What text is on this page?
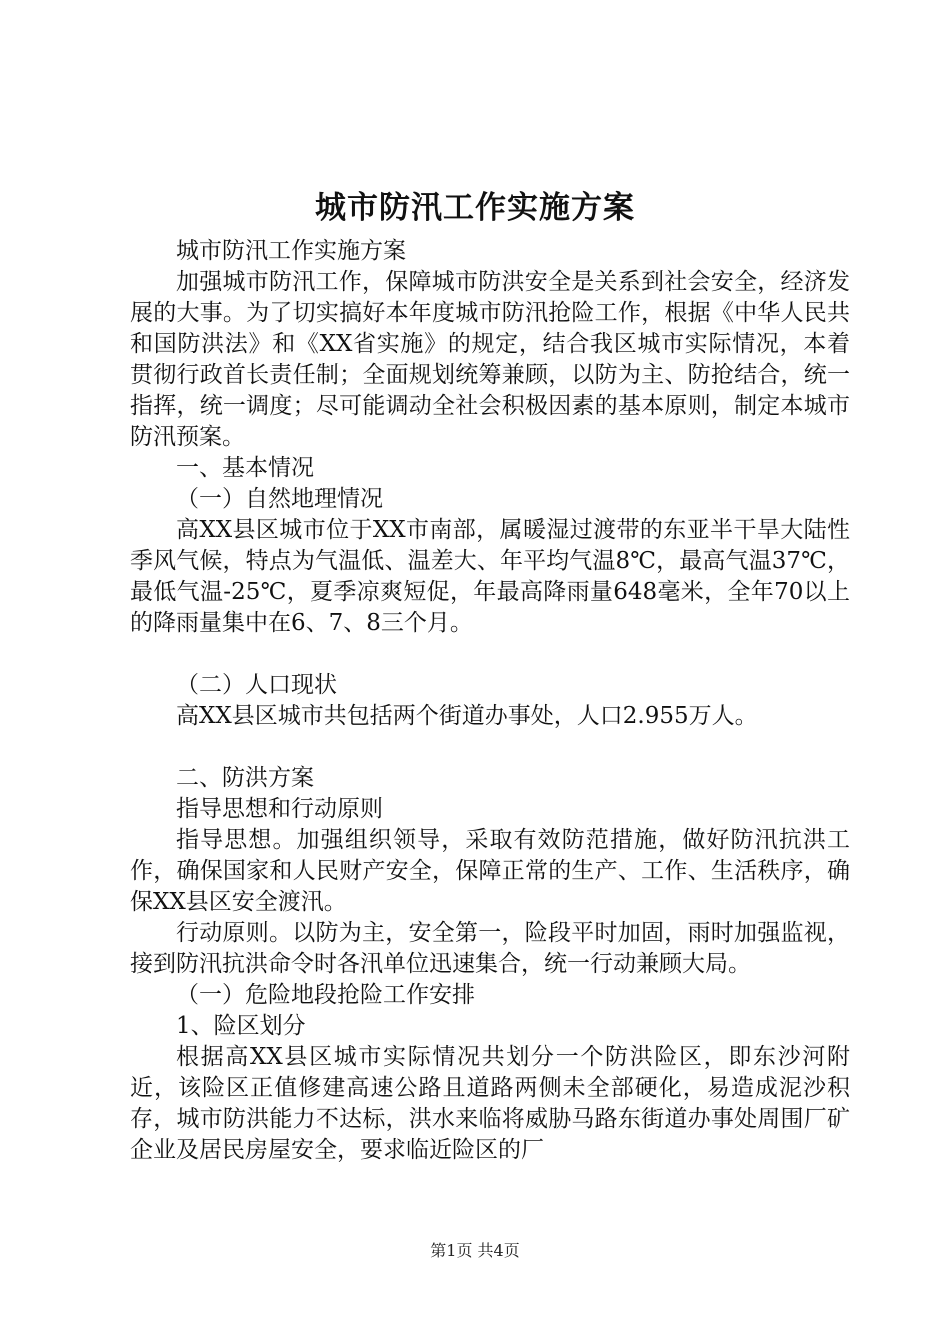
城市防汛工作实施方案

城市防汛工作实施方案

加强城市防汛工作，保障城市防洪安全是关系到社会安全，经济发展的大事。为了切实搞好本年度城市防汛抢险工作，根据《中华人民共和国防洪法》和《XX省实施》的规定，结合我区城市实际情况，本着贯彻行政首长责任制；全面规划统筹兼顾，以防为主、防抢结合，统一指挥，统一调度；尽可能调动全社会积极因素的基本原则，制定本城市防汛预案。

一、基本情况

（一）自然地理情况

高XX县区城市位于XX市南部，属暖湿过渡带的东亚半干旱大陆性季风气候，特点为气温低、温差大、年平均气温8℃，最高气温37℃，最低气温-25℃，夏季凉爽短促，年最高降雨量648毫米，全年70以上的降雨量集中在6、7、8三个月。

（二）人口现状

高XX县区城市共包括两个街道办事处，人口2.955万人。

二、防洪方案

指导思想和行动原则

指导思想。加强组织领导，采取有效防范措施，做好防汛抗洪工作，确保国家和人民财产安全，保障正常的生产、工作、生活秩序，确保XX县区安全渡汛。

行动原则。以防为主，安全第一，险段平时加固，雨时加强监视，接到防汛抗洪命令时各汛单位迅速集合，统一行动兼顾大局。

（一）危险地段抢险工作安排

1、险区划分

根据高XX县区城市实际情况共划分一个防洪险区，即东沙河附近，该险区正值修建高速公路且道路两侧未全部硬化，易造成泥沙积存，城市防洪能力不达标，洪水来临将威胁马路东街道办事处周围厂矿企业及居民房屋安全，要求临近险区的厂

第1页 共4页
